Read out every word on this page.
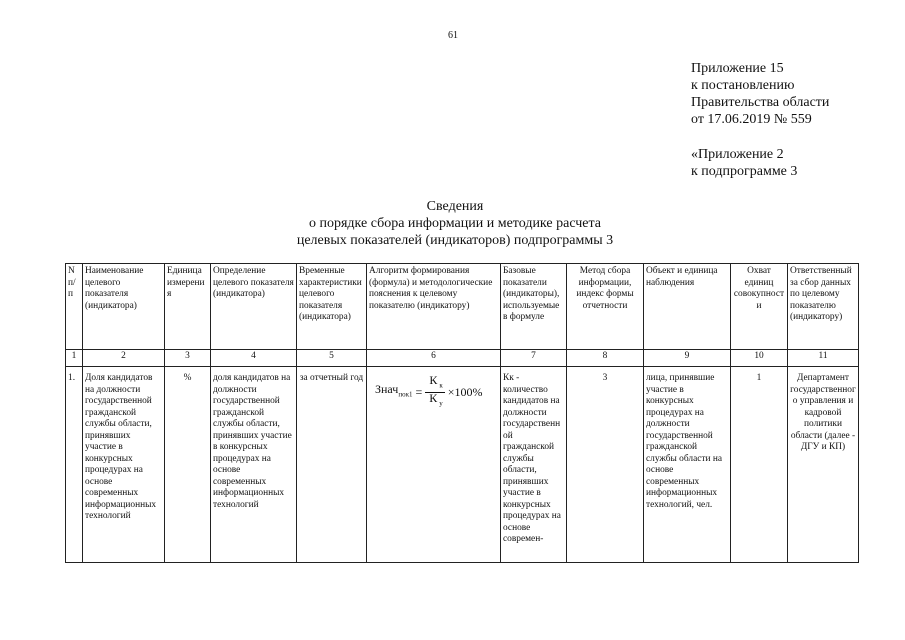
61
Приложение 15
к постановлению
Правительства области
от 17.06.2019 № 559
«Приложение 2
к подпрограмме 3
Сведения
о порядке сбора информации и методике расчета
целевых показателей (индикаторов) подпрограммы 3
N п/п	Наименование целевого показателя (индикатора)	Единица измерения	Определение целевого показателя (индикатора)	Временные характеристики целевого показателя (индикатора)	Алгоритм формирования (формула) и методологические пояснения к целевому показателю (индикатору)	Базовые показатели (индикаторы), используемые в формуле	Метод сбора информации, индекс формы отчетности	Объект и единица наблюдения	Охват единиц совокупности	Ответственный за сбор данных по целевому показателю (индикатору)
1	2	3	4	5	6	7	8	9	10	11
1.	Доля кандидатов на должности государственной гражданской службы области, принявших участие в конкурсных процедурах на основе современных информационных технологий	%	доля кандидатов на должности государственной гражданской службы области, принявших участие в конкурсных процедурах на основе современных информационных технологий	за отчетный год	Знач$_{пок1}$ = $\frac{К _к}{К _у} \times 100\%$	Кк - количество кандидатов на должности государственной гражданской службы области, принявших участие в конкурсных процедурах на основе современ-	3	лица, принявшие участие в конкурсных процедурах на должности государственной гражданской службы области на основе современных информационных технологий, чел.	1	Департамент государственного управления и кадровой политики области (далее - ДГУ и КП)
